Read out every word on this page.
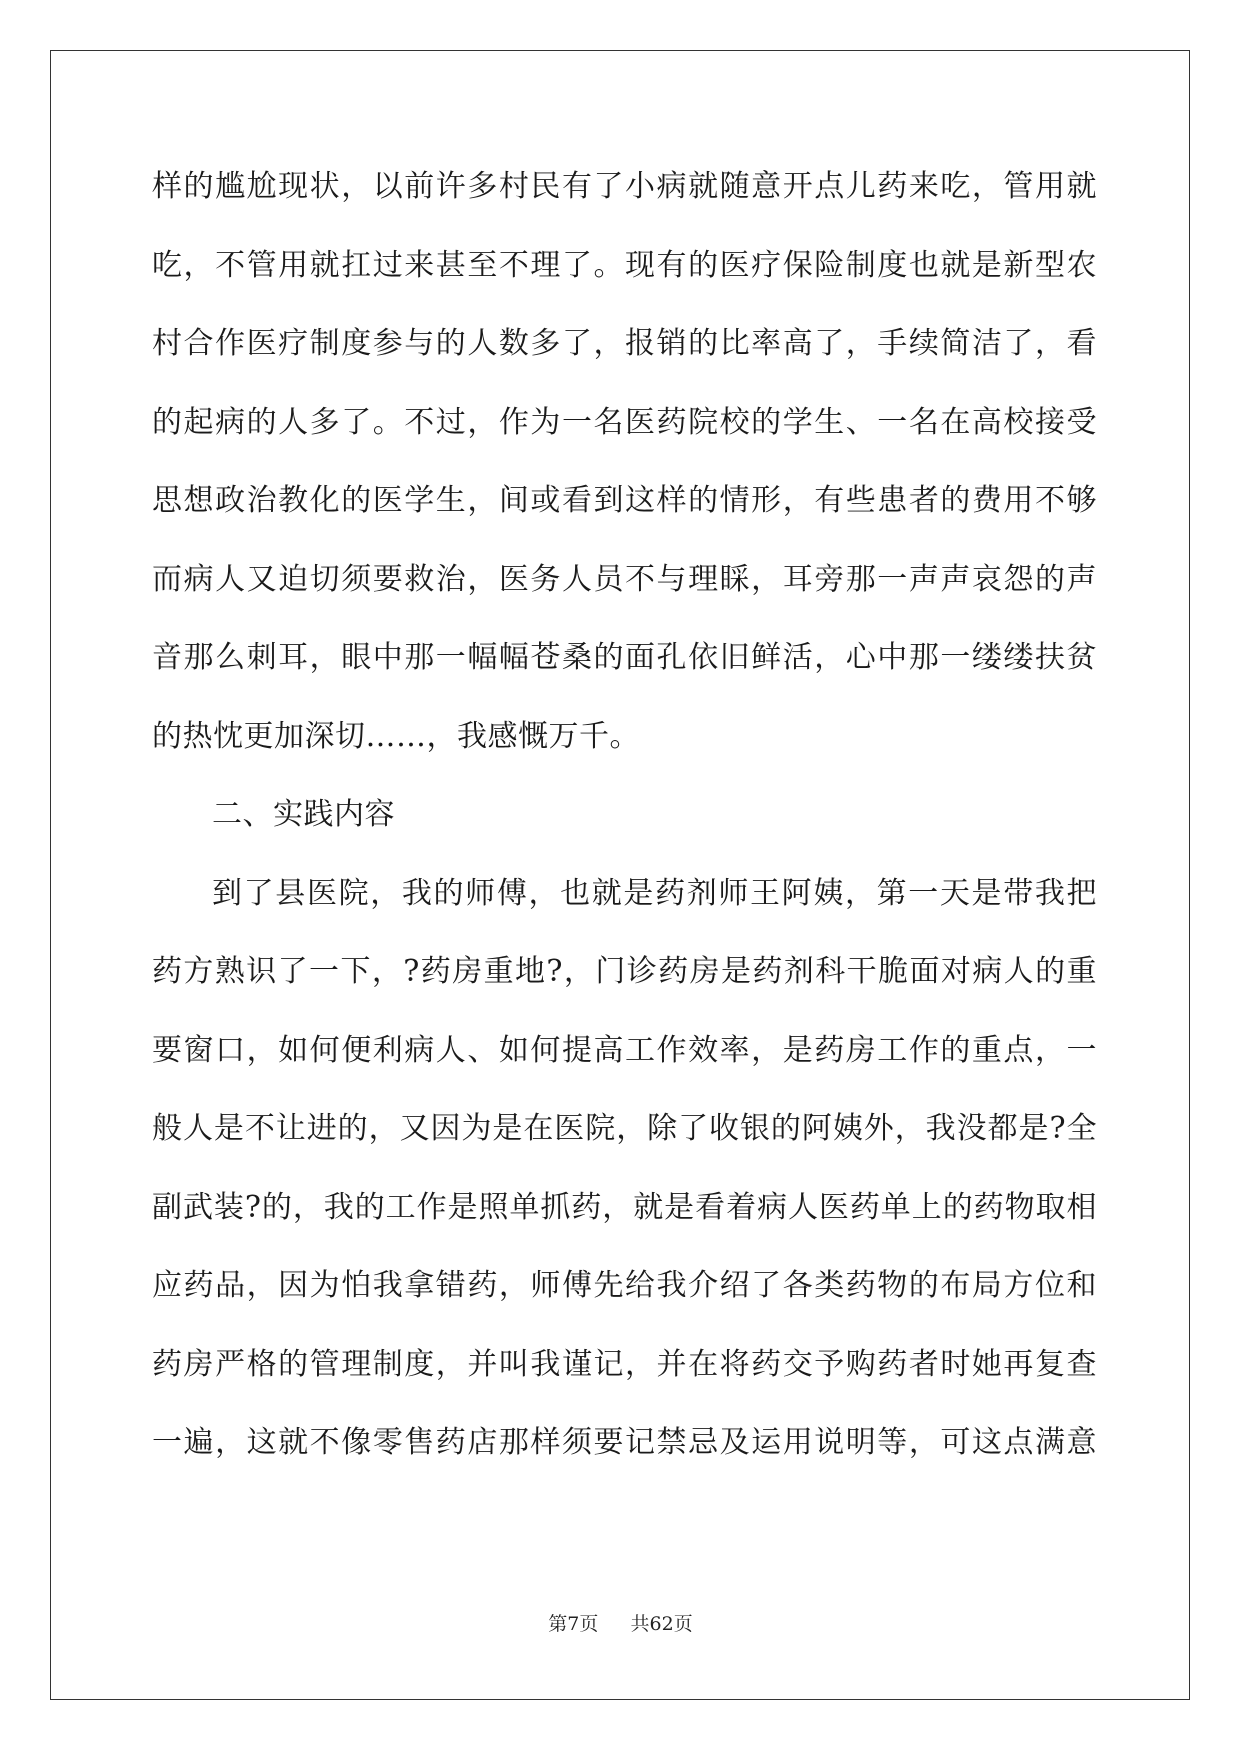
样的尴尬现状，以前许多村民有了小病就随意开点儿药来吃，管用就
吃，不管用就扛过来甚至不理了。现有的医疗保险制度也就是新型农
村合作医疗制度参与的人数多了，报销的比率高了，手续简洁了，看
的起病的人多了。不过，作为一名医药院校的学生、一名在高校接受
思想政治教化的医学生，间或看到这样的情形，有些患者的费用不够
而病人又迫切须要救治，医务人员不与理睬，耳旁那一声声哀怨的声
音那么刺耳，眼中那一幅幅苍桑的面孔依旧鲜活，心中那一缕缕扶贫
的热忱更加深切……，我感慨万千。
二、实践内容
到了县医院，我的师傅，也就是药剂师王阿姨，第一天是带我把
药方熟识了一下，?药房重地?，门诊药房是药剂科干脆面对病人的重
要窗口，如何便利病人、如何提高工作效率，是药房工作的重点，一
般人是不让进的，又因为是在医院，除了收银的阿姨外，我没都是?全
副武装?的，我的工作是照单抓药，就是看着病人医药单上的药物取相
应药品，因为怕我拿错药，师傅先给我介绍了各类药物的布局方位和
药房严格的管理制度，并叫我谨记，并在将药交予购药者时她再复查
一遍，这就不像零售药店那样须要记禁忌及运用说明等，可这点满意
第7页 共62页
